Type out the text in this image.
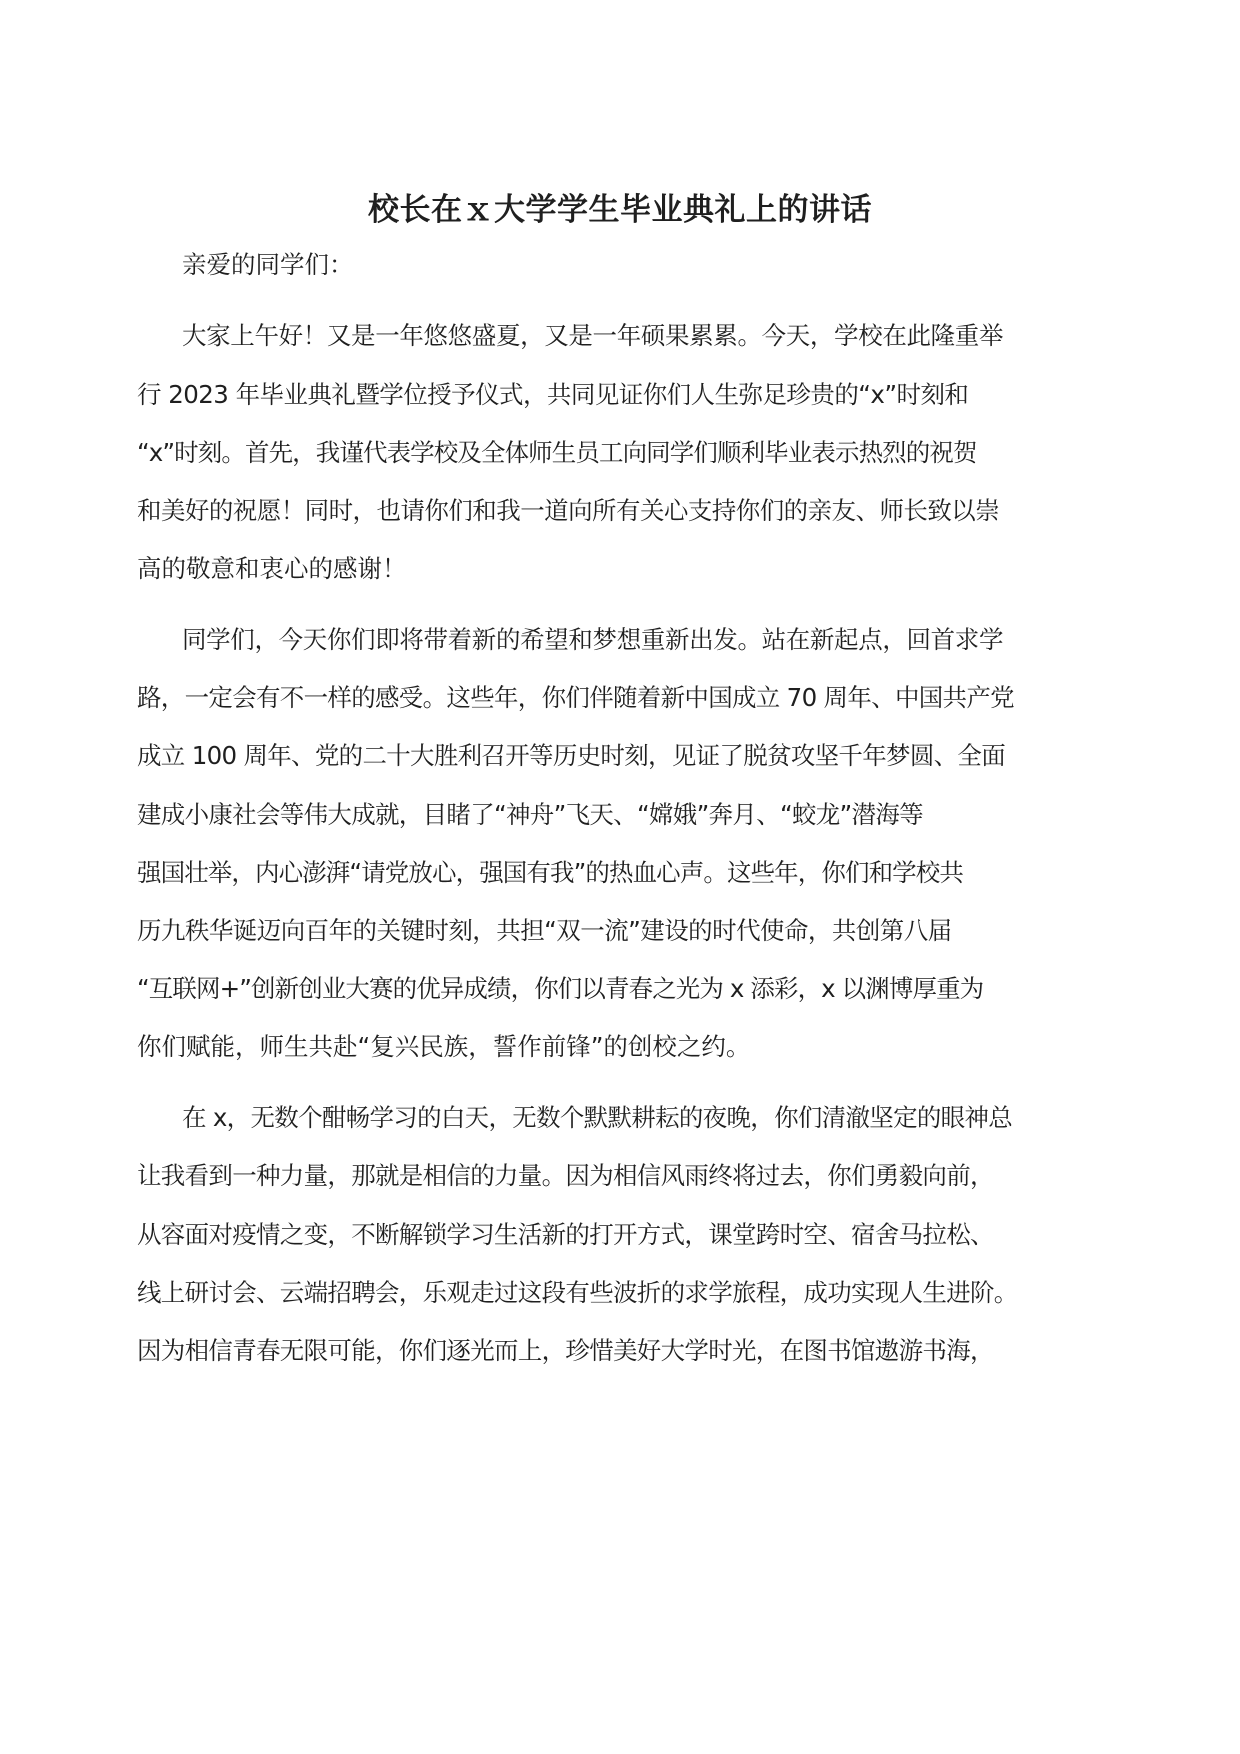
校长在ｘ大学学生毕业典礼上的讲话
亲爱的同学们：
大家上午好！又是一年悠悠盛夏，又是一年硕果累累。今天，学校在此隆重举
行 2023 年毕业典礼暨学位授予仪式，共同见证你们人生弥足珍贵的“x”时刻和
“x”时刻。首先，我谨代表学校及全体师生员工向同学们顺利毕业表示热烈的祝贺
和美好的祝愿！同时，也请你们和我一道向所有关心支持你们的亲友、师长致以崇
高的敬意和衷心的感谢！
同学们，今天你们即将带着新的希望和梦想重新出发。站在新起点，回首求学
路，一定会有不一样的感受。这些年，你们伴随着新中国成立 70 周年、中国共产党
成立 100 周年、党的二十大胜利召开等历史时刻，见证了脱贫攻坚千年梦圆、全面
建成小康社会等伟大成就，目睹了“神舟”飞天、“嫦娥”奔月、“蛟龙”潜海等
强国壮举，内心澎湃“请党放心，强国有我”的热血心声。这些年，你们和学校共
历九秩华诞迈向百年的关键时刻，共担“双一流”建设的时代使命，共创第八届
“互联网+”创新创业大赛的优异成绩，你们以青春之光为 x 添彩，x 以渊博厚重为
你们赋能，师生共赴“复兴民族，誓作前锋”的创校之约。
在 x，无数个酣畅学习的白天，无数个默默耕耘的夜晚，你们清澈坚定的眼神总
让我看到一种力量，那就是相信的力量。因为相信风雨终将过去，你们勇毅向前，
从容面对疫情之变，不断解锁学习生活新的打开方式，课堂跨时空、宿舍马拉松、
线上研讨会、云端招聘会，乐观走过这段有些波折的求学旅程，成功实现人生进阶。
因为相信青春无限可能，你们逐光而上，珍惜美好大学时光，在图书馆遨游书海，
